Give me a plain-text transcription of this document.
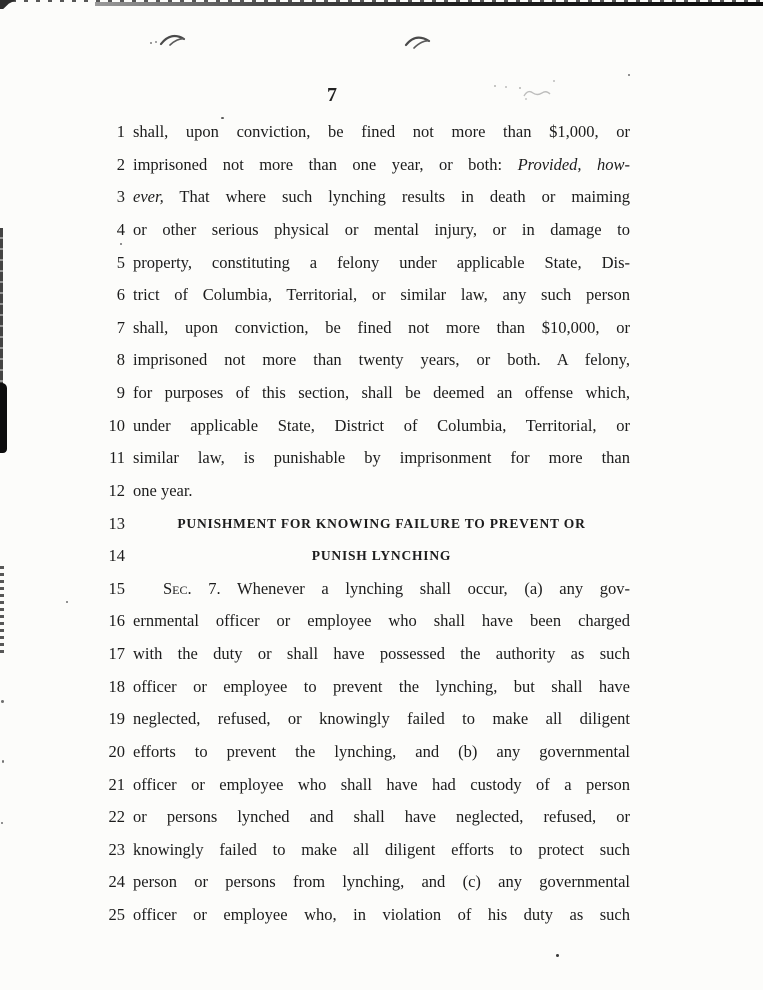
7
1 shall, upon conviction, be fined not more than $1,000, or
2 imprisoned not more than one year, or both: Provided, how-
3 ever, That where such lynching results in death or maiming
4 or other serious physical or mental injury, or in damage to
5 property, constituting a felony under applicable State, Dis-
6 trict of Columbia, Territorial, or similar law, any such person
7 shall, upon conviction, be fined not more than $10,000, or
8 imprisoned not more than twenty years, or both. A felony,
9 for purposes of this section, shall be deemed an offense which,
10 under applicable State, District of Columbia, Territorial, or
11 similar law, is punishable by imprisonment for more than
12 one year.
13	PUNISHMENT FOR KNOWING FAILURE TO PREVENT OR
14	PUNISH LYNCHING
15	Sec. 7. Whenever a lynching shall occur, (a) any gov-
16 ernmental officer or employee who shall have been charged
17 with the duty or shall have possessed the authority as such
18 officer or employee to prevent the lynching, but shall have
19 neglected, refused, or knowingly failed to make all diligent
20 efforts to prevent the lynching, and (b) any governmental
21 officer or employee who shall have had custody of a person
22 or persons lynched and shall have neglected, refused, or
23 knowingly failed to make all diligent efforts to protect such
24 person or persons from lynching, and (c) any governmental
25 officer or employee who, in violation of his duty as such
